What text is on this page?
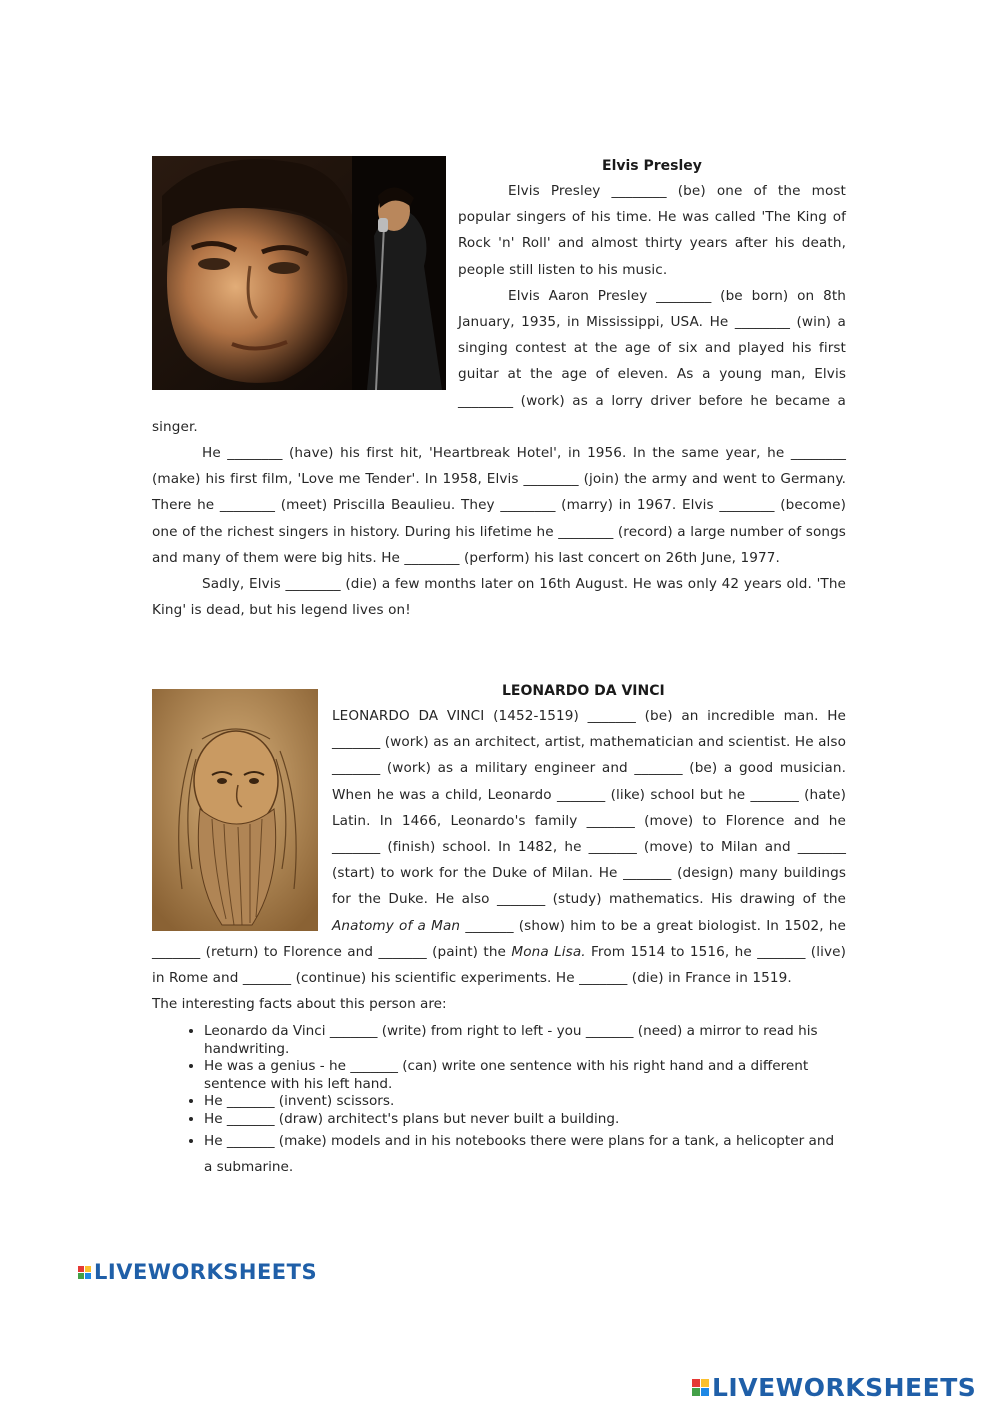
Elvis Presley

Elvis Presley ________ (be) one of the most popular singers of his time. He was called 'The King of Rock 'n' Roll' and almost thirty years after his death, people still listen to his music.

Elvis Aaron Presley ________ (be born) on 8th January, 1935, in Mississippi, USA. He ________ (win) a singing contest at the age of six and played his first guitar at the age of eleven. As a young man, Elvis ________ (work) as a lorry driver before he became a singer.

He ________ (have) his first hit, 'Heartbreak Hotel', in 1956. In the same year, he ________ (make) his first film, 'Love me Tender'. In 1958, Elvis ________ (join) the army and went to Germany. There he ________ (meet) Priscilla Beaulieu. They ________ (marry) in 1967. Elvis ________ (become) one of the richest singers in history. During his lifetime he ________ (record) a large number of songs and many of them were big hits. He ________ (perform) his last concert on 26th June, 1977.

Sadly, Elvis ________ (die) a few months later on 16th August. He was only 42 years old. 'The King' is dead, but his legend lives on!

LEONARDO DA VINCI

LEONARDO DA VINCI (1452-1519) _______ (be) an incredible man. He _______ (work) as an architect, artist, mathematician and scientist. He also _______ (work) as a military engineer and _______ (be) a good musician. When he was a child, Leonardo _______ (like) school but he _______ (hate) Latin. In 1466, Leonardo's family _______ (move) to Florence and he _______ (finish) school. In 1482, he _______ (move) to Milan and _______ (start) to work for the Duke of Milan. He _______ (design) many buildings for the Duke. He also _______ (study) mathematics. His drawing of the Anatomy of a Man _______ (show) him to be a great biologist. In 1502, he _______ (return) to Florence and _______ (paint) the Mona Lisa. From 1514 to 1516, he _______ (live) in Rome and _______ (continue) his scientific experiments. He _______ (die) in France in 1519.

The interesting facts about this person are:

• Leonardo da Vinci _______ (write) from right to left - you _______ (need) a mirror to read his handwriting.
• He was a genius - he _______ (can) write one sentence with his right hand and a different sentence with his left hand.
• He _______ (invent) scissors.
• He _______ (draw) architect's plans but never built a building.
• He _______ (make) models and in his notebooks there were plans for a tank, a helicopter and a submarine.
LIVEWORKSHEETS
LIVEWORKSHEETS
